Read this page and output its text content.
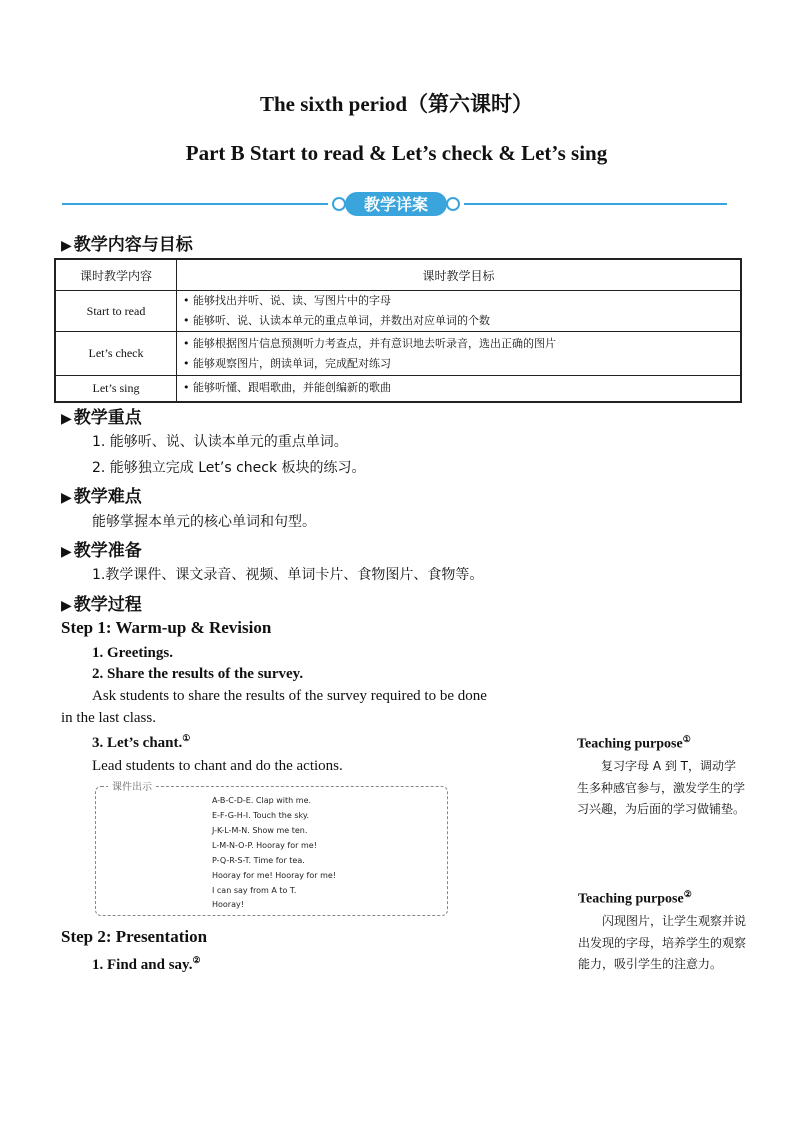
The sixth period（第六课时）
Part B Start to read & Let’s check & Let’s sing
教学详案
▶ 教学内容与目标
课时教学内容	课时教学目标
Start to read	• 能够找出并听、说、读、写图片中的字母
• 能够听、说、认读本单元的重点单词，并数出对应单词的个数

Let’s check	• 能够根据图片信息预测听力考查点，并有意识地去听录音，选出正确的图片
• 能够观察图片，朗读单词，完成配对练习

Let’s sing	• 能够听懂、跟唱歌曲，并能创编新的歌曲
▶ 教学重点
1. 能够听、说、认读本单元的重点单词。
2. 能够独立完成 Let’s check 板块的练习。
▶ 教学难点
能够掌握本单元的核心单词和句型。
▶ 教学准备
1.教学课件、课文录音、视频、单词卡片、食物图片、食物等。
▶ 教学过程
Step 1: Warm-up & Revision
1. Greetings.
2. Share the results of the survey.
Ask students to share the results of the survey required to be done
in the last class.
3. Let’s chant.①
Lead students to chant and do the actions.
课件出示
A-B-C-D-E. Clap with me.
E-F-G-H-I. Touch the sky.
J-K-L-M-N. Show me ten.
L-M-N-O-P. Hooray for me!
P-Q-R-S-T. Time for tea.
Hooray for me! Hooray for me!
I can say from A to T.
Hooray!
Step 2: Presentation
1. Find and say.②
Teaching purpose①
复习字母 A 到 T，调动学生多种感官参与，激发学生的学习兴趣，为后面的学习做铺垫。
Teaching purpose②
闪现图片，让学生观察并说出发现的字母，培养学生的观察能力，吸引学生的注意力。
